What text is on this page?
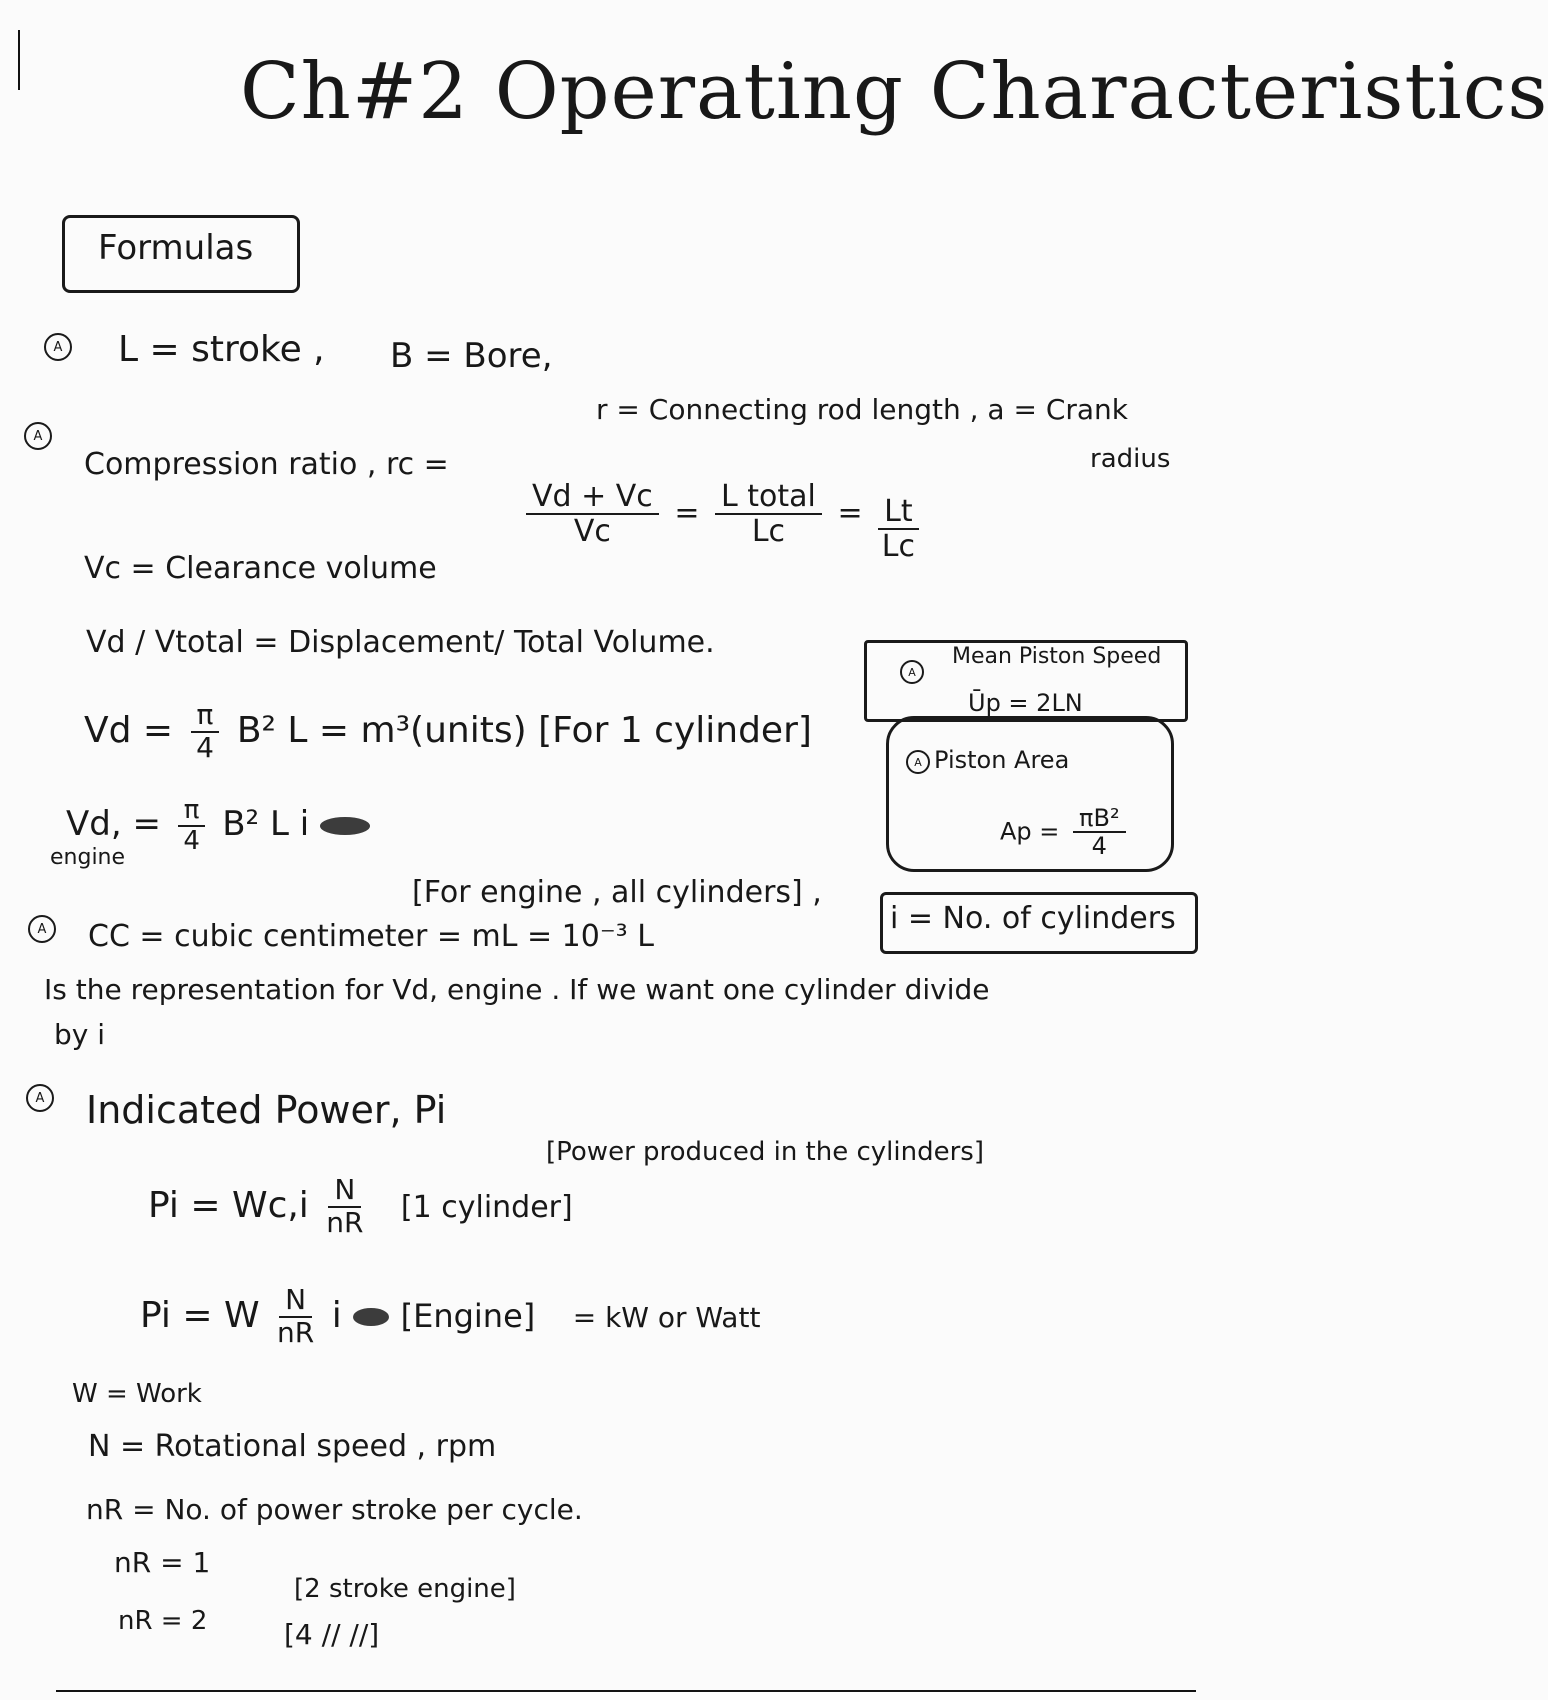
Ch#2 Operating Characteristics
Formulas
A L = stroke , B = Bore,
r = Connecting rod length , a = Crank
radius
A
Compression ratio , rc =
$\frac{Vd + Vc}{Vc} = \frac{\text{L total}}{Lc} = \frac{Lt}{Lc}$
Vc = Clearance volume
Vd / Vtotal = Displacement/ Total Volume.
A
Mean Piston Speed
Ūp = 2LN
A Piston Area
$Ap = \frac{\text{πB²}}{4}$
$Vd = \frac{\pi}{4} B^2$ L = m³(units) [For 1 cylinder]
Vd, = $\frac{\pi}{4} B^2$ L i
engine
[For engine , all cylinders] ,
i = No. of cylinders
A	CC = cubic centimeter = mL = 10⁻³ L
Is the representation for Vd, engine . If we want one cylinder divide
by i
A Indicated Power, Pi
[Power produced in the cylinders]
$Pi = Wc,i \frac{N}{nR} [1$ cylinder]
Pi = W $\frac{N}{nR}$ i [Engine] = kW or Watt
W = Work
N = Rotational speed , rpm
nR = No. of power stroke per cycle.
nR = 1
[2 stroke engine]
nR = 2	[4 // //]
